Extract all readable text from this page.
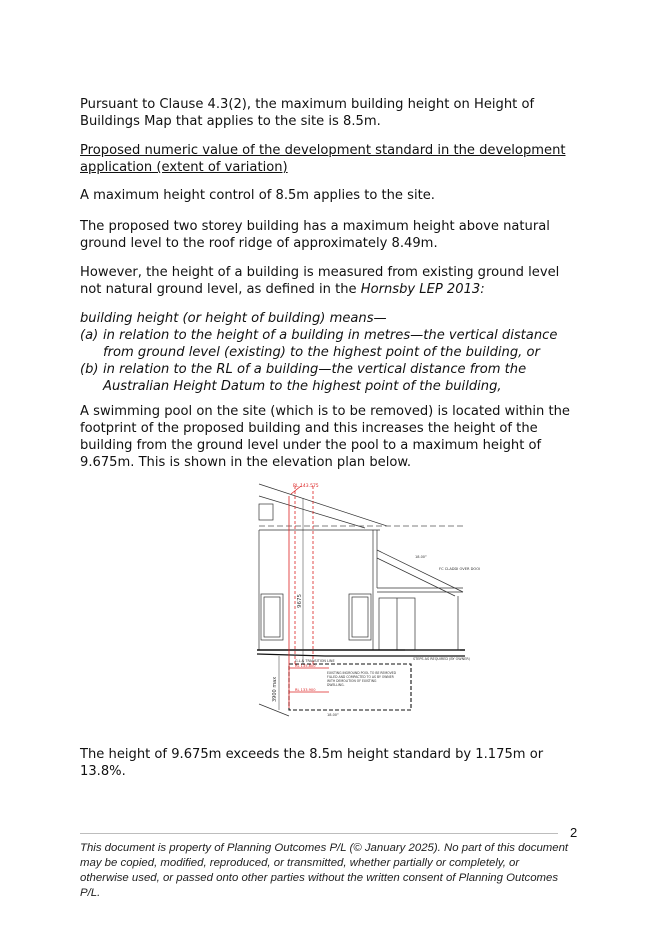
Pursuant to Clause 4.3(2), the maximum building height on Height of Buildings Map that applies to the site is 8.5m.

Proposed numeric value of the development standard in the development
application (extent of variation)

A maximum height control of 8.5m applies to the site.

The proposed two storey building has a maximum height above natural ground level to the roof ridge of approximately 8.49m.

However, the height of a building is measured from existing ground level not natural ground level, as defined in the Hornsby LEP 2013:

building height (or height of building) means—
(a) in relation to the height of a building in metres—the vertical distance from ground level (existing) to the highest point of the building, or
(b) in relation to the RL of a building—the vertical distance from the Australian Height Datum to the highest point of the building,

A swimming pool on the site (which is to be removed) is located within the footprint of the proposed building and this increases the height of the building from the ground level under the pool to a maximum height of 9.675m. This is shown in the elevation plan below.

The height of 9.675m exceeds the 8.5m height standard by 1.175m or 13.8%.

RL 143.575
9675
3900 max
18.00°
18.00°
FC CLADDI OVER DOOI
STEPS AS REQUIRED (BY OWNER)
G.L.& TRANSITION LINE
RL 135.800
RL 133.900
EXISTING INGROUND POOL TO BE REMOVED FILLED AND COMPACTED TO AS BY OWNER WITH DEMOLITION OF EXISTING DWELLING.
2
This document is property of Planning Outcomes P/L (© January 2025). No part of this document may be copied, modified, reproduced, or transmitted, whether partially or completely, or otherwise used, or passed onto other parties without the written consent of Planning Outcomes P/L.
